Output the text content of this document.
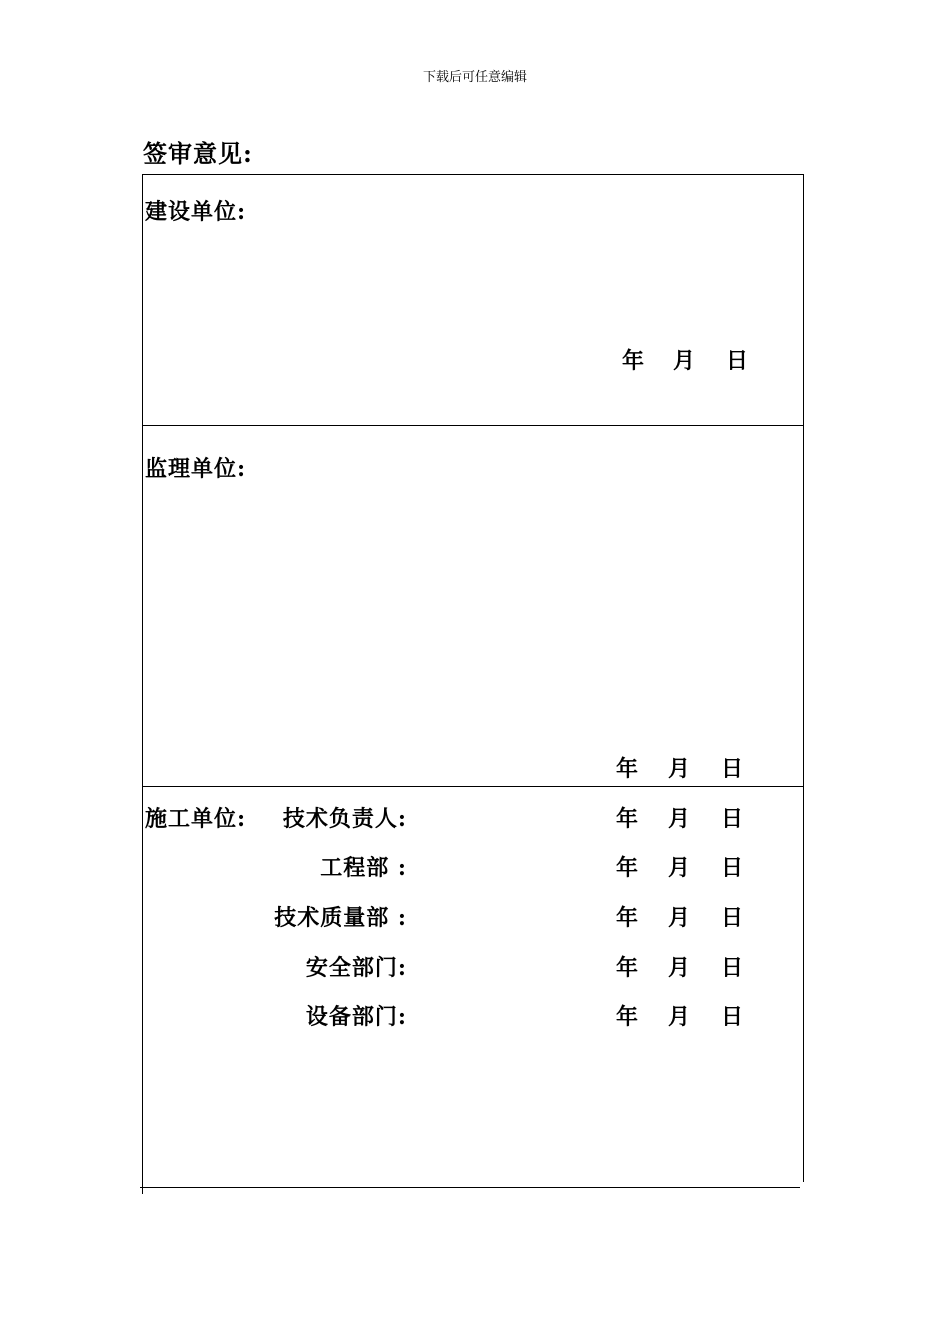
下载后可任意编辑
签审意见:
建设单位:
年 月 日
监理单位:
年 月 日
施工单位: 技术负责人:	年 月 日
工程部 :	年 月 日
技术质量部 :	年 月 日
安全部门:	年 月 日
设备部门:	年 月 日
